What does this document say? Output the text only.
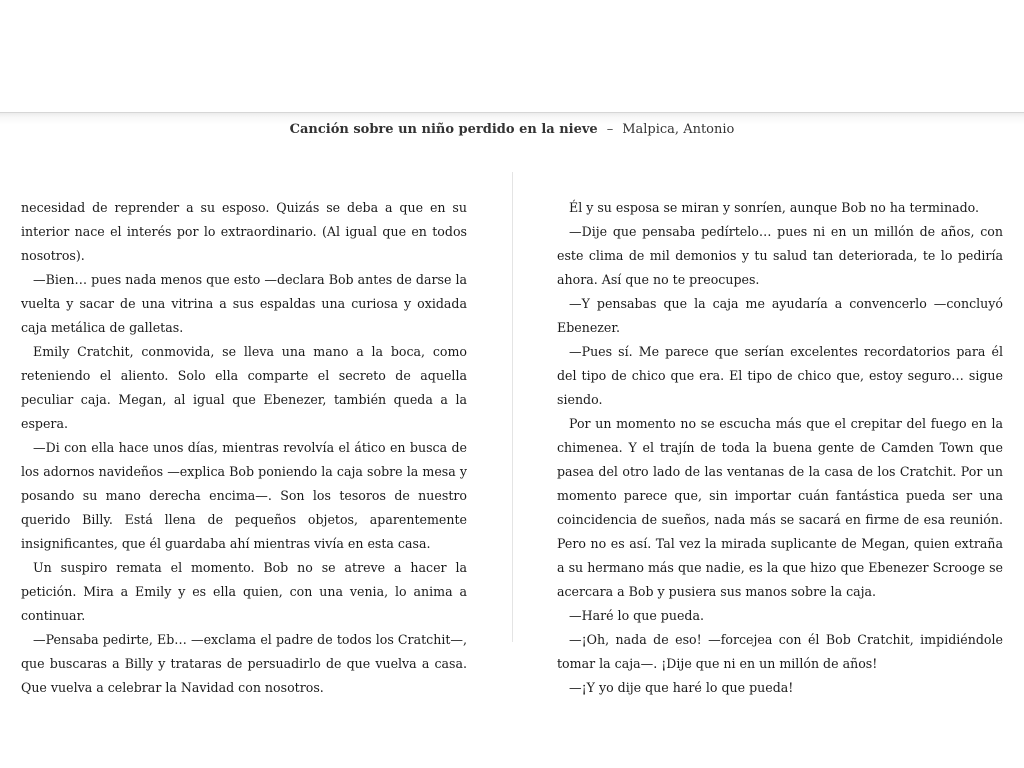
Canción sobre un niño perdido en la nieve – Malpica, Antonio

necesidad de reprender a su esposo. Quizás se deba a que en su interior nace el interés por lo extraordinario. (Al igual que en todos nosotros).

—Bien… pues nada menos que esto —declara Bob antes de darse la vuelta y sacar de una vitrina a sus espaldas una curiosa y oxidada caja metálica de galletas.

Emily Cratchit, conmovida, se lleva una mano a la boca, como reteniendo el aliento. Solo ella comparte el secreto de aquella peculiar caja. Megan, al igual que Ebenezer, también queda a la espera.

—Di con ella hace unos días, mientras revolvía el ático en busca de los adornos navideños —explica Bob poniendo la caja sobre la mesa y posando su mano derecha encima—. Son los tesoros de nuestro querido Billy. Está llena de pequeños objetos, aparentemente insignificantes, que él guardaba ahí mientras vivía en esta casa.

Un suspiro remata el momento. Bob no se atreve a hacer la petición. Mira a Emily y es ella quien, con una venia, lo anima a continuar.

—Pensaba pedirte, Eb… —exclama el padre de todos los Cratchit—, que buscaras a Billy y trataras de persuadirlo de que vuelva a casa. Que vuelva a celebrar la Navidad con nosotros.

Él y su esposa se miran y sonríen, aunque Bob no ha terminado.

—Dije que pensaba pedírtelo… pues ni en un millón de años, con este clima de mil demonios y tu salud tan deteriorada, te lo pediría ahora. Así que no te preocupes.

—Y pensabas que la caja me ayudaría a convencerlo —concluyó Ebenezer.

—Pues sí. Me parece que serían excelentes recordatorios para él del tipo de chico que era. El tipo de chico que, estoy seguro… sigue siendo.

Por un momento no se escucha más que el crepitar del fuego en la chimenea. Y el trajín de toda la buena gente de Camden Town que pasea del otro lado de las ventanas de la casa de los Cratchit. Por un momento parece que, sin importar cuán fantástica pueda ser una coincidencia de sueños, nada más se sacará en firme de esa reunión. Pero no es así. Tal vez la mirada suplicante de Megan, quien extraña a su hermano más que nadie, es la que hizo que Ebenezer Scrooge se acercara a Bob y pusiera sus manos sobre la caja.

—Haré lo que pueda.

—¡Oh, nada de eso! —forcejea con él Bob Cratchit, impidiéndole tomar la caja—. ¡Dije que ni en un millón de años!

—¡Y yo dije que haré lo que pueda!
